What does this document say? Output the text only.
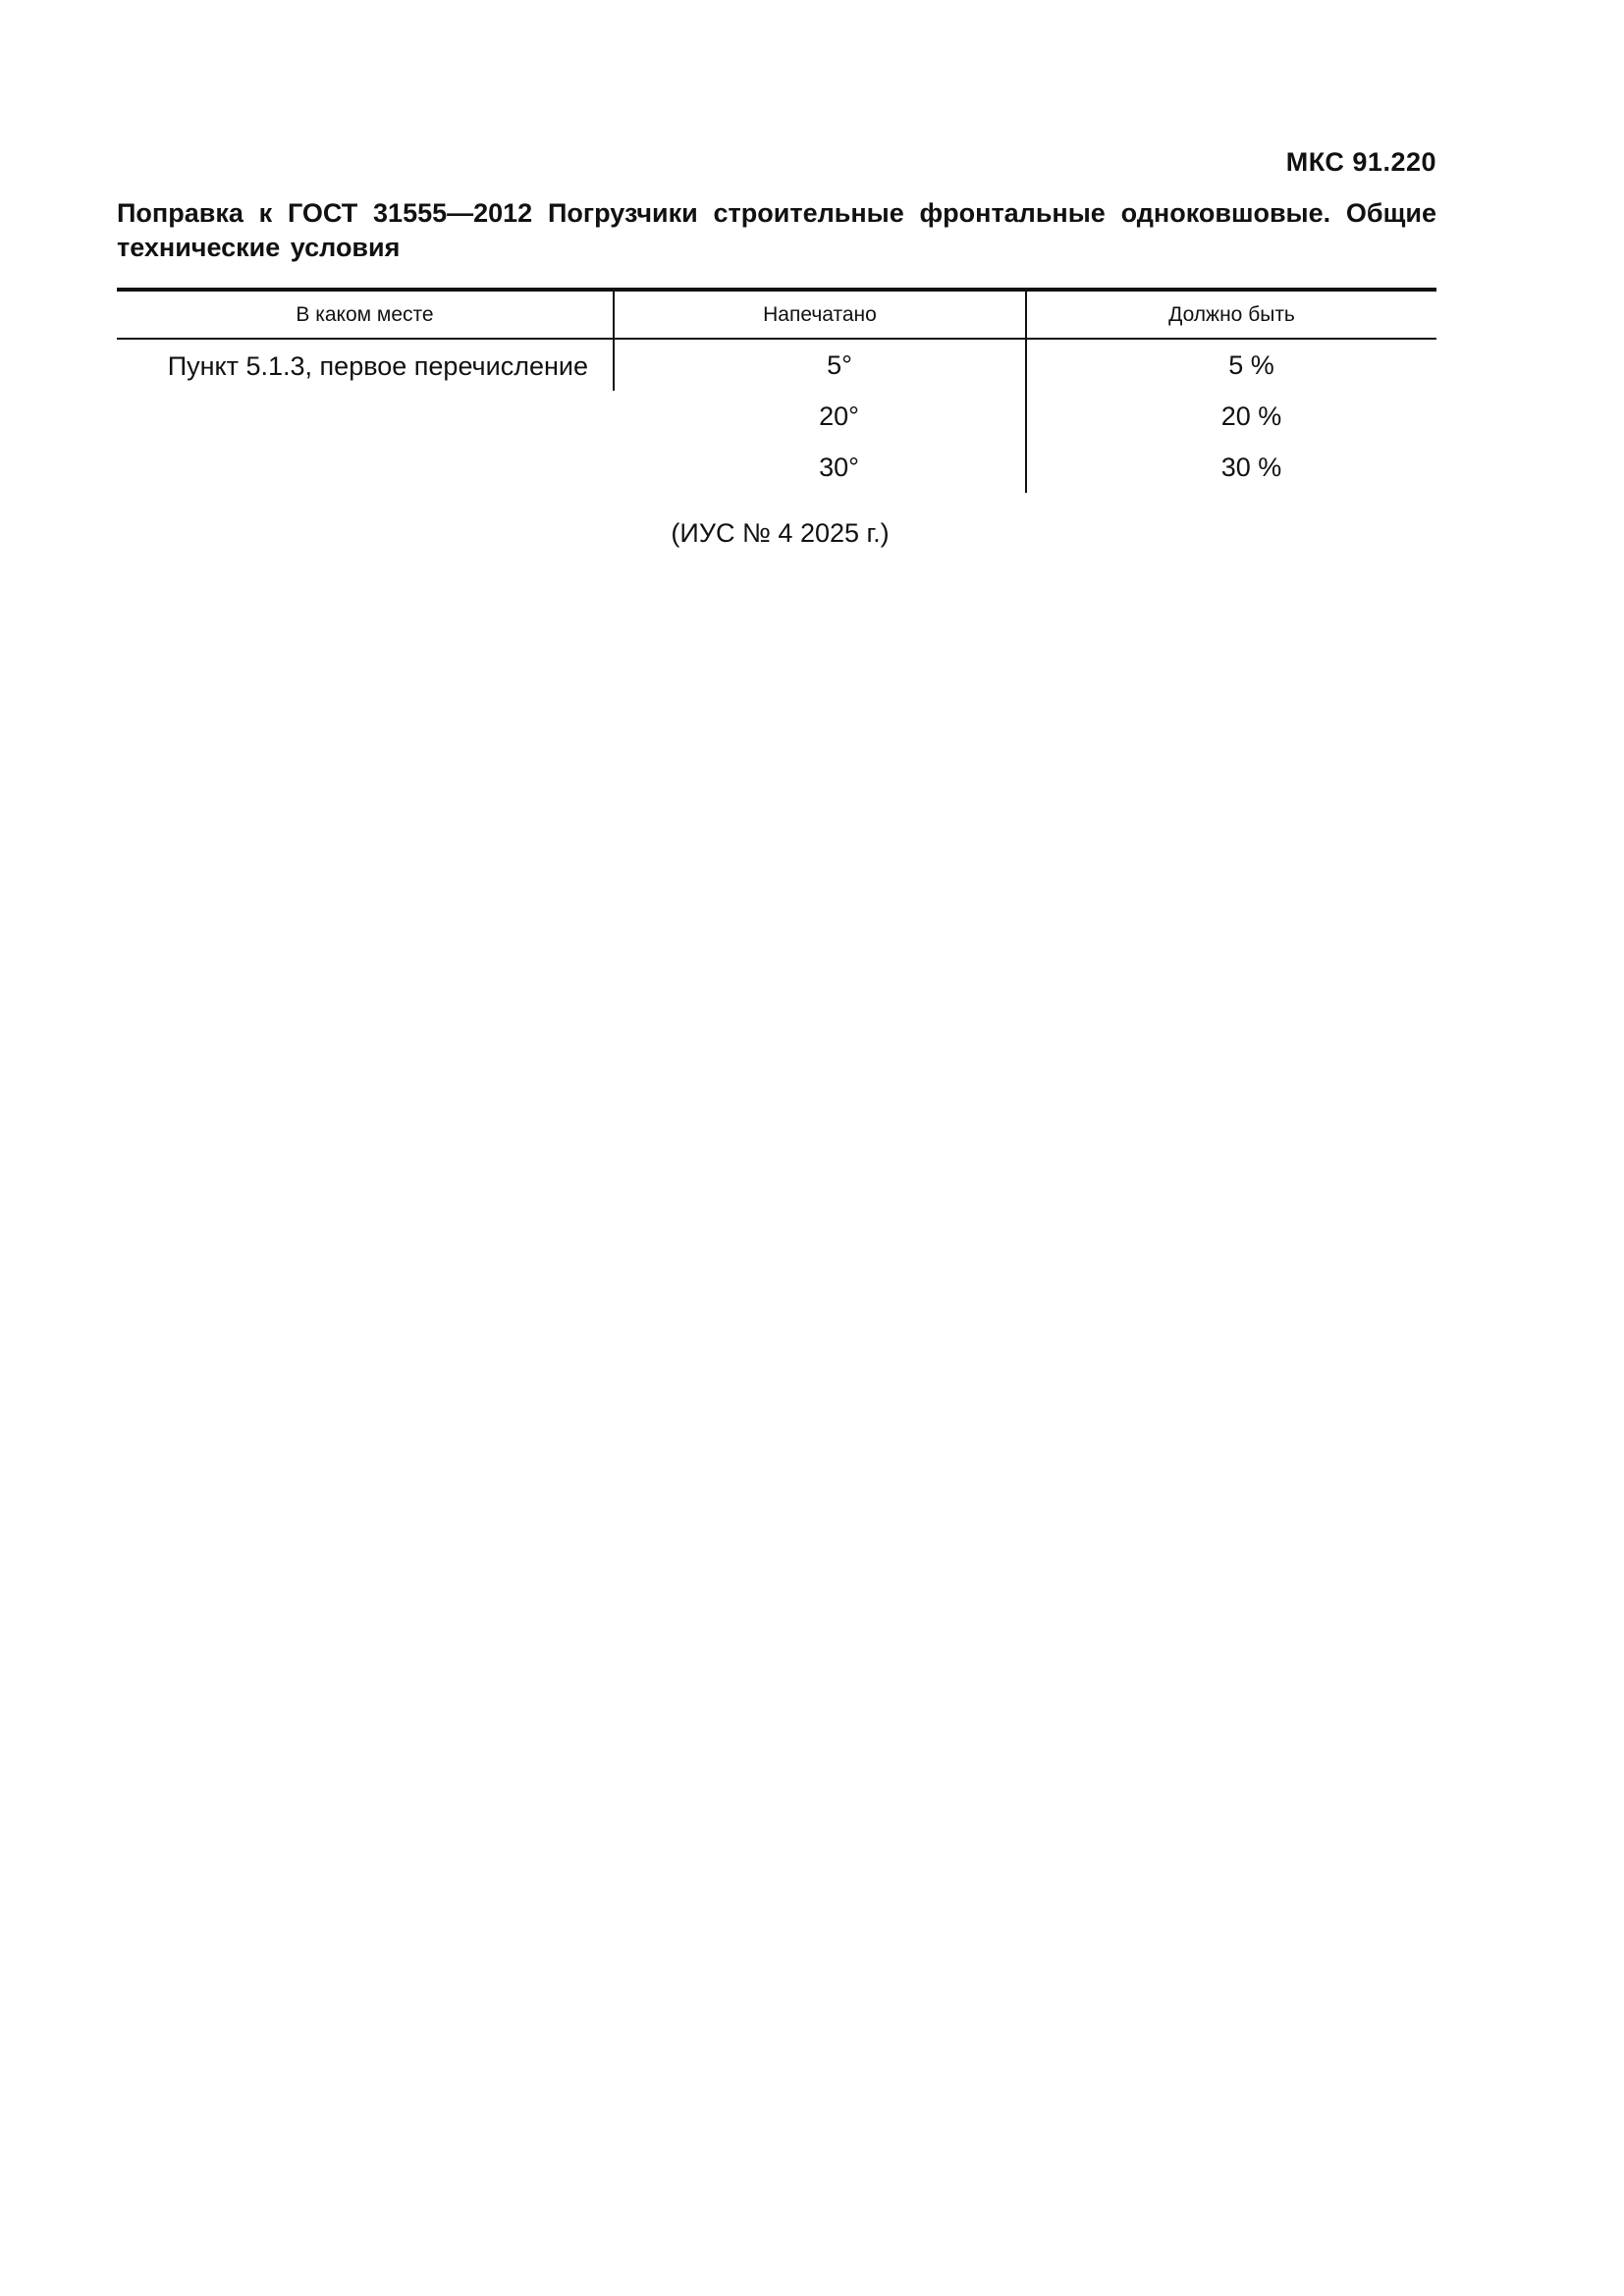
МКС 91.220
Поправка к ГОСТ 31555—2012 Погрузчики строительные фронтальные одноковшовые. Общие технические условия
В каком месте	Напечатано	Должно быть
Пункт 5.1.3, первое перечисление	5°	5 %
	20°	20 %
	30°	30 %
(ИУС № 4 2025 г.)
